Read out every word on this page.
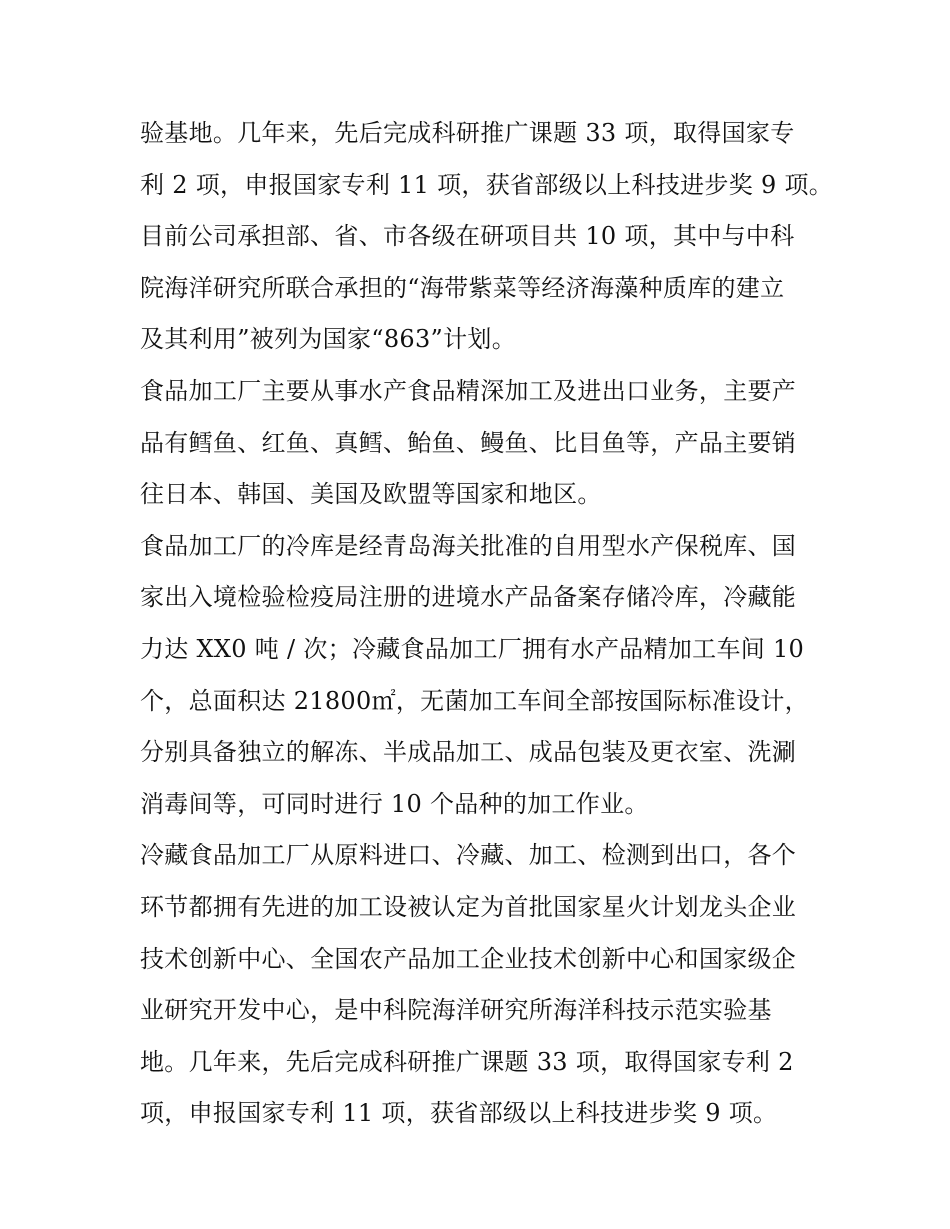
验基地。几年来，先后完成科研推广课题 33 项，取得国家专
利 2 项，申报国家专利 11 项，获省部级以上科技进步奖 9 项。
目前公司承担部、省、市各级在研项目共 10 项，其中与中科
院海洋研究所联合承担的“海带紫菜等经济海藻种质库的建立
及其利用”被列为国家“863”计划。
食品加工厂主要从事水产食品精深加工及进出口业务，主要产
品有鳕鱼、红鱼、真鳕、鲐鱼、鳗鱼、比目鱼等，产品主要销
往日本、韩国、美国及欧盟等国家和地区。
食品加工厂的冷库是经青岛海关批准的自用型水产保税库、国
家出入境检验检疫局注册的进境水产品备案存储冷库，冷藏能
力达 XX0 吨 / 次；冷藏食品加工厂拥有水产品精加工车间 10
个，总面积达 21800㎡，无菌加工车间全部按国际标准设计，
分别具备独立的解冻、半成品加工、成品包装及更衣室、洗涮
消毒间等，可同时进行 10 个品种的加工作业。
冷藏食品加工厂从原料进口、冷藏、加工、检测到出口，各个
环节都拥有先进的加工设被认定为首批国家星火计划龙头企业
技术创新中心、全国农产品加工企业技术创新中心和国家级企
业研究开发中心，是中科院海洋研究所海洋科技示范实验基
地。几年来，先后完成科研推广课题 33 项，取得国家专利 2
项，申报国家专利 11 项，获省部级以上科技进步奖 9 项。
